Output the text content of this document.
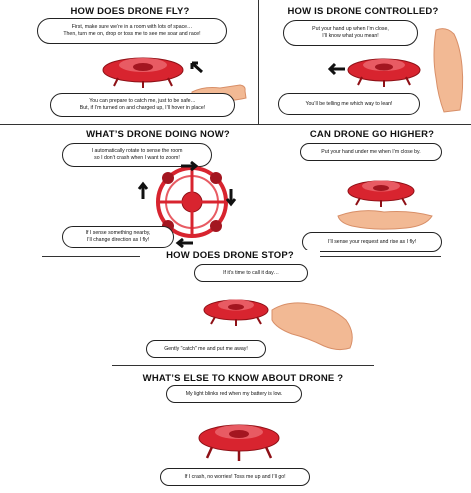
HOW DOES DRONE FLY?
First, make sure we’re in a room with lots of space…
Then, turn me on, drop or toss me to see me soar and race!
You can prepare to catch me, just to be safe…
But, if I’m turned on and charged up, I’ll hover in place!
HOW IS DRONE CONTROLLED?
Put your hand up when I’m close,
I’ll know what you mean!
You’ll be telling me which way to lean!
WHAT’S DRONE DOING NOW?
I automatically rotate to sense the room
so I don’t crash when I want to zoom!
If I sense something nearby,
I’ll change direction as I fly!
CAN DRONE GO HIGHER?
Put your hand under me when I’m close by.
I’ll sense your request and rise as I fly!
HOW DOES DRONE STOP?
If it’s time to call it day…
Gently "catch" me and put me away!
WHAT’S ELSE TO KNOW ABOUT DRONE ?
My light blinks red when my battery is low.
If I crash, no worries! Toss me up and I’ll go!
